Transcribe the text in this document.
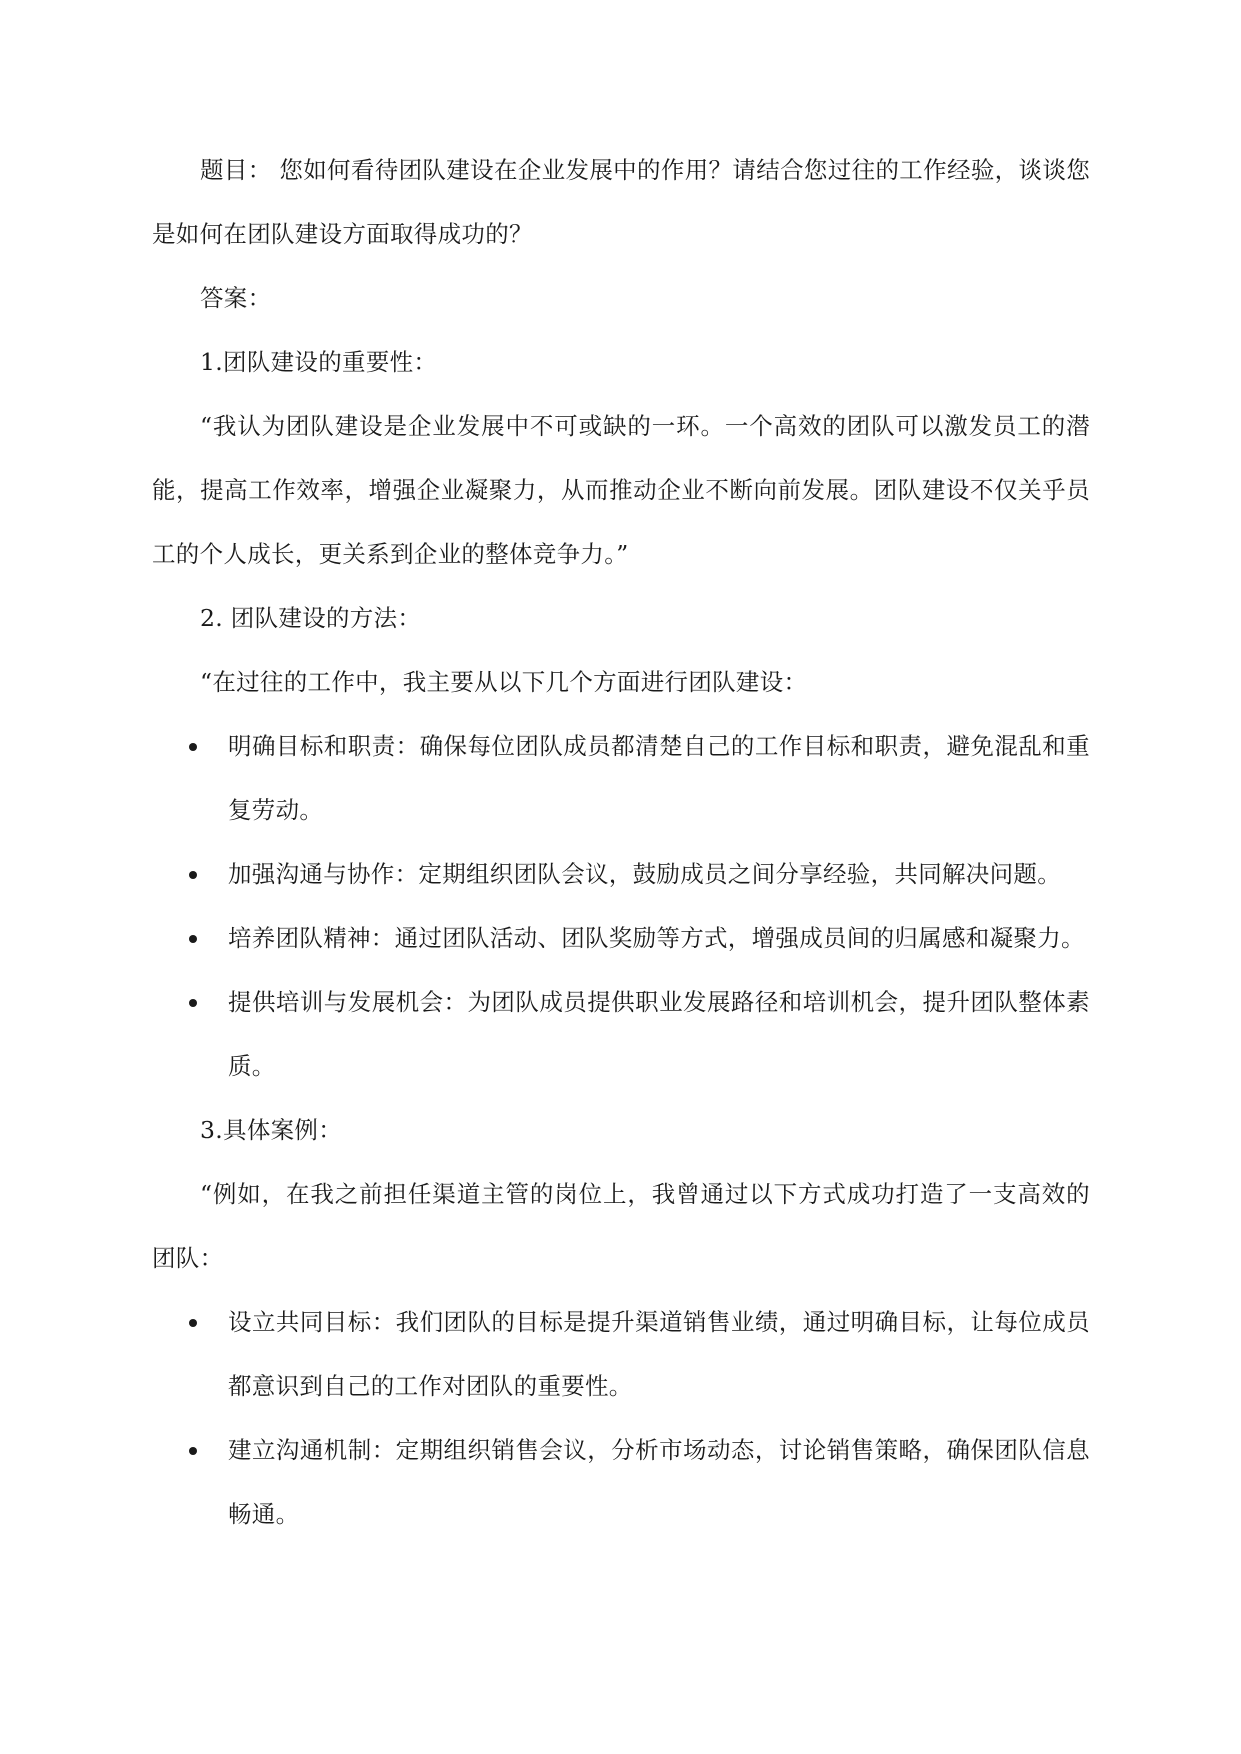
题目： 您如何看待团队建设在企业发展中的作用？请结合您过往的工作经验，谈谈您是如何在团队建设方面取得成功的？

答案：

1.团队建设的重要性：

“我认为团队建设是企业发展中不可或缺的一环。一个高效的团队可以激发员工的潜能，提高工作效率，增强企业凝聚力，从而推动企业不断向前发展。团队建设不仅关乎员工的个人成长，更关系到企业的整体竞争力。”

2. 团队建设的方法：

“在过往的工作中，我主要从以下几个方面进行团队建设：

明确目标和职责：确保每位团队成员都清楚自己的工作目标和职责，避免混乱和重复劳动。
加强沟通与协作：定期组织团队会议，鼓励成员之间分享经验，共同解决问题。
培养团队精神：通过团队活动、团队奖励等方式，增强成员间的归属感和凝聚力。
提供培训与发展机会：为团队成员提供职业发展路径和培训机会，提升团队整体素质。

3.具体案例：

“例如，在我之前担任渠道主管的岗位上，我曾通过以下方式成功打造了一支高效的团队：

设立共同目标：我们团队的目标是提升渠道销售业绩，通过明确目标，让每位成员都意识到自己的工作对团队的重要性。
建立沟通机制：定期组织销售会议，分析市场动态，讨论销售策略，确保团队信息畅通。
